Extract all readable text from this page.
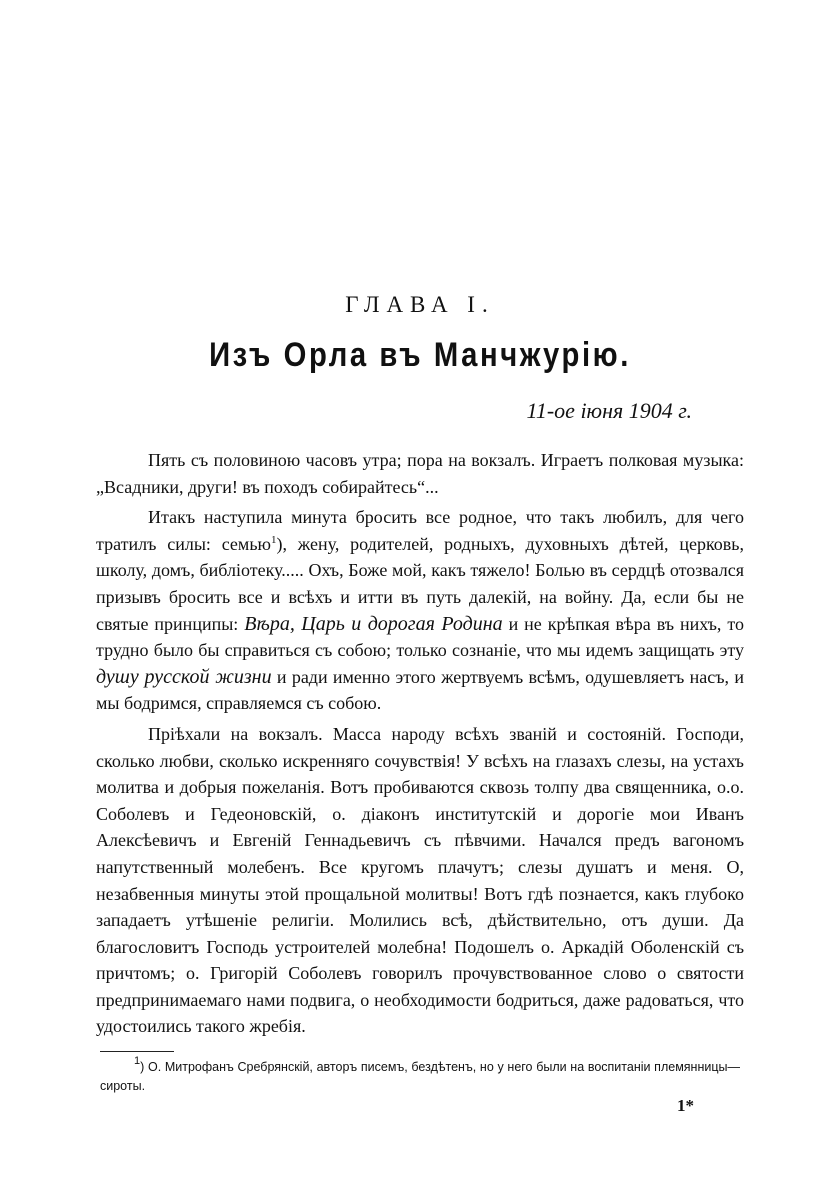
ГЛАВА І.
Изъ Орла въ Манчжурію.
11-ое іюня 1904 г.

Пять съ половиною часовъ утра; пора на вокзалъ. Играетъ полковая музыка: „Всадники, други! въ походъ собирайтесь“...

Итакъ наступила минута бросить все родное, что такъ любилъ, для чего тратилъ силы: семью$^1$), жену, родителей, родныхъ, духовныхъ дѣтей, церковь, школу, домъ, библіотеку..... Охъ, Боже мой, какъ тяжело! Болью въ сердцѣ отозвался призывъ бросить все и всѣхъ и итти въ путь далекій, на войну. Да, если бы не святые принципы: Вѣра, Царь и дорогая Родина и не крѣпкая вѣра въ нихъ, то трудно было бы справиться съ собою; только сознаніе, что мы идемъ защищать эту душу русской жизни и ради именно этого жертвуемъ всѣмъ, одушевляетъ насъ, и мы бодримся, справляемся съ собою.

Пріѣхали на вокзалъ. Масса народу всѣхъ званій и состояній. Господи, сколько любви, сколько искренняго сочувствія! У всѣхъ на глазахъ слезы, на устахъ молитва и добрыя пожеланія. Вотъ пробиваются сквозь толпу два священника, о.о. Соболевъ и Гедеоновскій, о. діаконъ институтскій и дорогіе мои Иванъ Алексѣевичъ и Евгеній Геннадьевичъ съ пѣвчими. Начался предъ вагономъ напутственный молебенъ. Все кругомъ плачутъ; слезы душатъ и меня. О, незабвенныя минуты этой прощальной молитвы! Вотъ гдѣ познается, какъ глубоко западаетъ утѣшеніе религіи. Молились всѣ, дѣйствительно, отъ души. Да благословитъ Господь устроителей молебна! Подошелъ о. Аркадій Оболенскій съ причтомъ; о. Григорій Соболевъ говорилъ прочувствованное слово о святости предпринимаемаго нами подвига, о необходимости бодриться, даже радоваться, что удостоились такого жребія.

$^1$) О. Митрофанъ Сребрянскій, авторъ писемъ, бездѣтенъ, но у него были на воспитаніи племянницы—сироты.

1*
